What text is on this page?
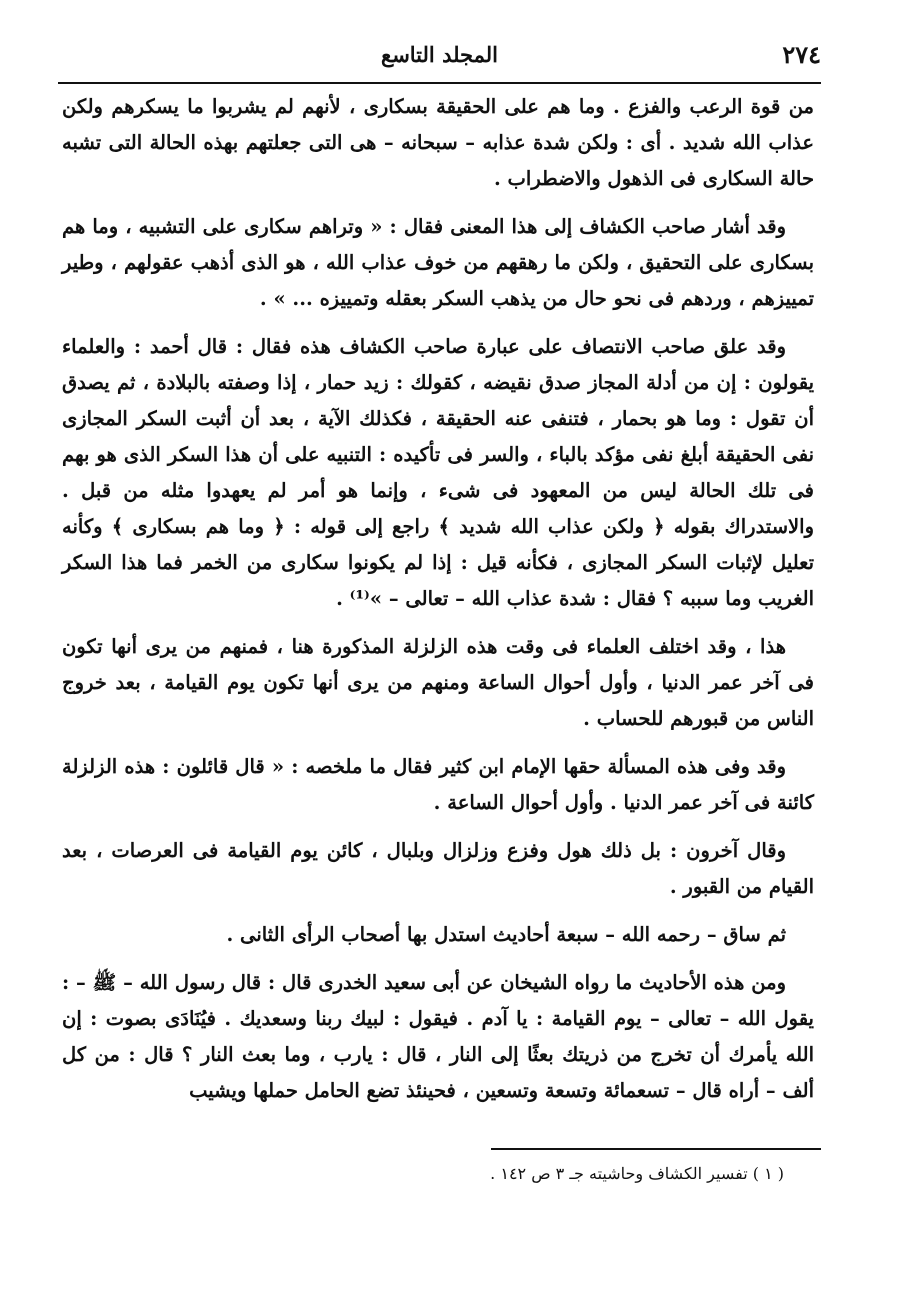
٢٧٤
المجلد التاسع

من قوة الرعب والفزع . وما هم على الحقيقة بسكارى ، لأنهم لم يشربوا ما يسكرهم ولكن عذاب الله شديد . أى : ولكن شدة عذابه – سبحانه – هى التى جعلتهم بهذه الحالة التى تشبه حالة السكارى فى الذهول والاضطراب .

وقد أشار صاحب الكشاف إلى هذا المعنى فقال : « وتراهم سكارى على التشبيه ، وما هم بسكارى على التحقيق ، ولكن ما رهقهم من خوف عذاب الله ، هو الذى أذهب عقولهم ، وطير تمييزهم ، وردهم فى نحو حال من يذهب السكر بعقله وتمييزه ... » .

وقد علق صاحب الانتصاف على عبارة صاحب الكشاف هذه فقال : قال أحمد : والعلماء يقولون : إن من أدلة المجاز صدق نقيضه ، كقولك : زيد حمار ، إذا وصفته بالبلادة ، ثم يصدق أن تقول : وما هو بحمار ، فتنفى عنه الحقيقة ، فكذلك الآية ، بعد أن أثبت السكر المجازى نفى الحقيقة أبلغ نفى مؤكد بالباء ، والسر فى تأكيده : التنبيه على أن هذا السكر الذى هو بهم فى تلك الحالة ليس من المعهود فى شىء ، وإنما هو أمر لم يعهدوا مثله من قبل . والاستدراك بقوله ﴿ ولكن عذاب الله شديد ﴾ راجع إلى قوله : ﴿ وما هم بسكارى ﴾ وكأنه تعليل لإثبات السكر المجازى ، فكأنه قيل : إذا لم يكونوا سكارى من الخمر فما هذا السكر الغريب وما سببه ؟ فقال : شدة عذاب الله – تعالى – »⁽¹⁾ .

هذا ، وقد اختلف العلماء فى وقت هذه الزلزلة المذكورة هنا ، فمنهم من يرى أنها تكون فى آخر عمر الدنيا ، وأول أحوال الساعة ومنهم من يرى أنها تكون يوم القيامة ، بعد خروج الناس من قبورهم للحساب .

وقد وفى هذه المسألة حقها الإمام ابن كثير فقال ما ملخصه : « قال قائلون : هذه الزلزلة كائنة فى آخر عمر الدنيا . وأول أحوال الساعة .

وقال آخرون : بل ذلك هول وفزع وزلزال وبلبال ، كائن يوم القيامة فى العرصات ، بعد القيام من القبور .

ثم ساق – رحمه الله – سبعة أحاديث استدل بها أصحاب الرأى الثانى .

ومن هذه الأحاديث ما رواه الشيخان عن أبى سعيد الخدرى قال : قال رسول الله – ﷺ – : يقول الله – تعالى – يوم القيامة : يا آدم . فيقول : لبيك ربنا وسعديك . فيُنَادَى بصوت : إن الله يأمرك أن تخرج من ذريتك بعثًا إلى النار ، قال : يارب ، وما بعث النار ؟ قال : من كل ألف – أراه قال – تسعمائة وتسعة وتسعين ، فحينئذ تضع الحامل حملها ويشيب

( ١ ) تفسير الكشاف وحاشيته جـ ٣ ص ١٤٢ .
